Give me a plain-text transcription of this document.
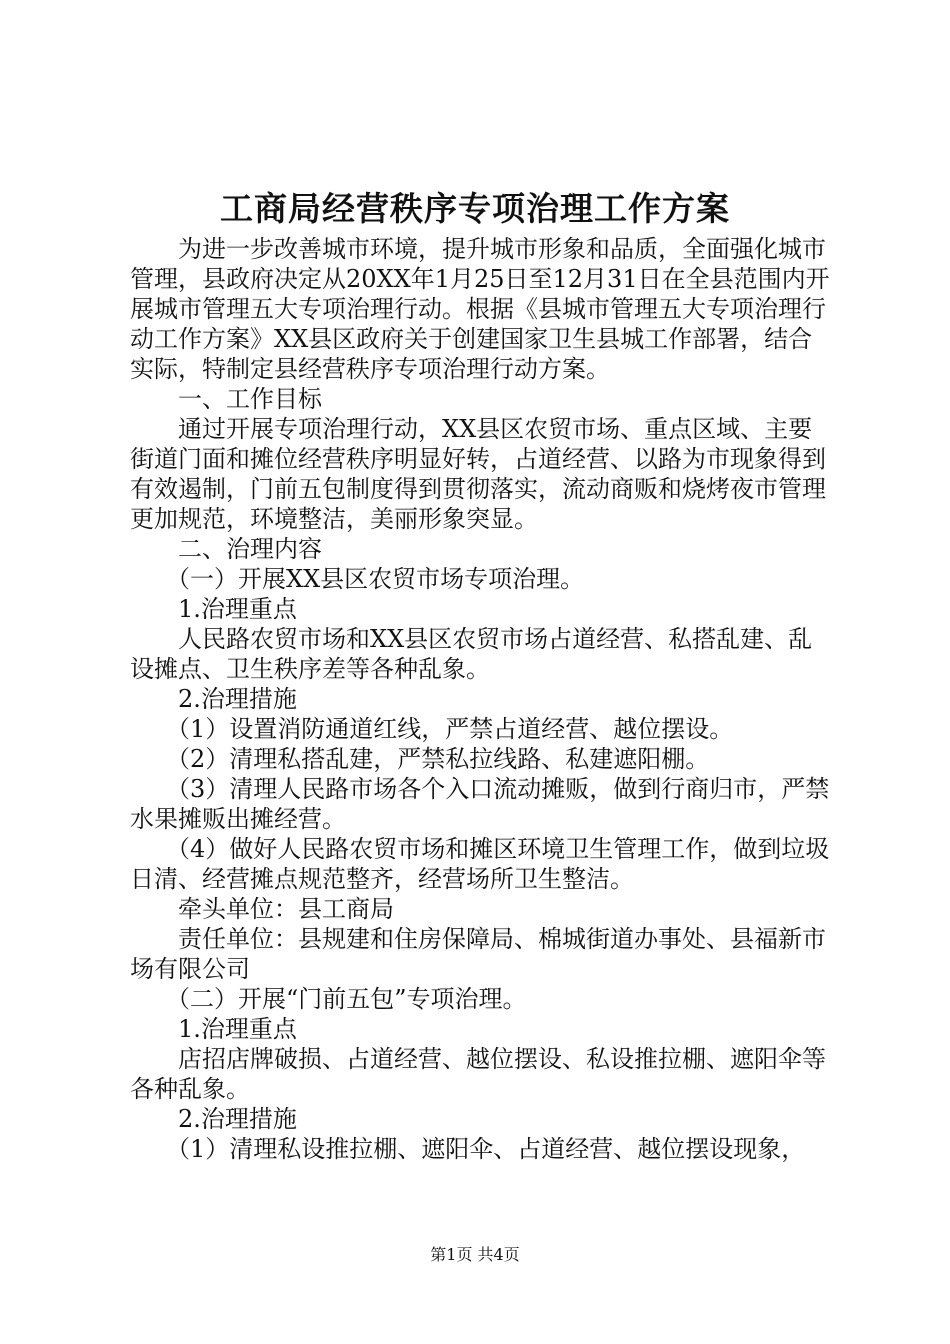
工商局经营秩序专项治理工作方案

为进一步改善城市环境，提升城市形象和品质，全面强化城市管理，县政府决定从20XX年1月25日至12月31日在全县范围内开展城市管理五大专项治理行动。根据《县城市管理五大专项治理行动工作方案》XX县区政府关于创建国家卫生县城工作部署，结合实际，特制定县经营秩序专项治理行动方案。

一、工作目标

通过开展专项治理行动，XX县区农贸市场、重点区域、主要街道门面和摊位经营秩序明显好转，占道经营、以路为市现象得到有效遏制，门前五包制度得到贯彻落实，流动商贩和烧烤夜市管理更加规范，环境整洁，美丽形象突显。

二、治理内容

（一）开展XX县区农贸市场专项治理。

1.治理重点

人民路农贸市场和XX县区农贸市场占道经营、私搭乱建、乱设摊点、卫生秩序差等各种乱象。

2.治理措施

（1）设置消防通道红线，严禁占道经营、越位摆设。

（2）清理私搭乱建，严禁私拉线路、私建遮阳棚。

（3）清理人民路市场各个入口流动摊贩，做到行商归市，严禁水果摊贩出摊经营。

（4）做好人民路农贸市场和摊区环境卫生管理工作，做到垃圾日清、经营摊点规范整齐，经营场所卫生整洁。

牵头单位：县工商局

责任单位：县规建和住房保障局、棉城街道办事处、县福新市场有限公司

（二）开展“门前五包”专项治理。

1.治理重点

店招店牌破损、占道经营、越位摆设、私设推拉棚、遮阳伞等各种乱象。

2.治理措施

（1）清理私设推拉棚、遮阳伞、占道经营、越位摆设现象，

第1页 共4页
